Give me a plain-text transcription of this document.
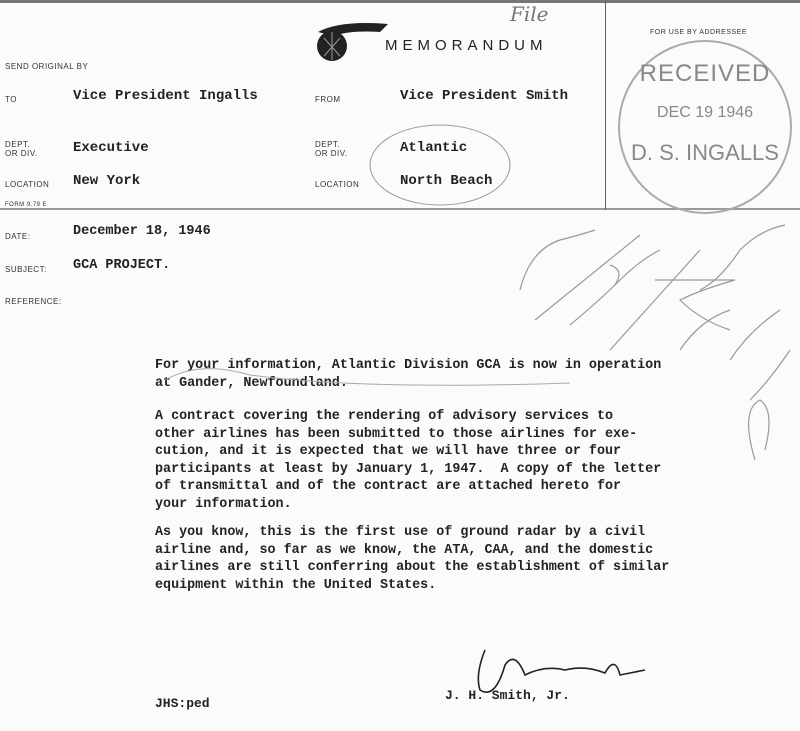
MEMORANDUM
File
SEND ORIGINAL BY
TO	Vice President Ingalls
DEPT. OR DIV.	Executive
LOCATION New York
FROM	Vice President Smith
DEPT. OR DIV.	Atlantic
LOCATION	North Beach
FORM 9.79 E
FOR USE BY ADDRESSEE
RECEIVED
DEC 19 1946
D. S. INGALLS
DATE:	December 18, 1946
SUBJECT: GCA PROJECT.
REFERENCE:
For your information, Atlantic Division GCA is now in operation
at Gander, Newfoundland.
A contract covering the rendering of advisory services to
other airlines has been submitted to those airlines for exe-
cution, and it is expected that we will have three or four
participants at least by January 1, 1947.  A copy of the letter
of transmittal and of the contract are attached hereto for
your information.
As you know, this is the first use of ground radar by a civil
airline and, so far as we know, the ATA, CAA, and the domestic
airlines are still conferring about the establishment of similar
equipment within the United States.
J. H. Smith, Jr.
JHS:ped
